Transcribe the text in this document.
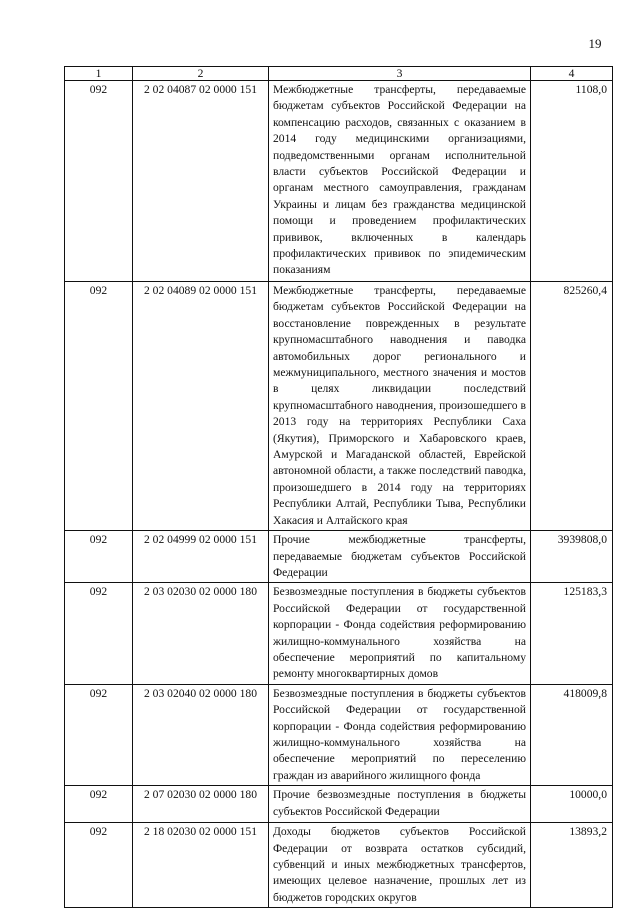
19
1	2	3	4
092	2 02 04087 02 0000 151	Межбюджетные трансферты, передаваемые бюджетам субъектов Российской Федерации на компенсацию расходов, связанных с оказанием в 2014 году медицинскими организациями, подведомственными органам исполнительной власти субъектов Российской Федерации и органам местного самоуправления, гражданам Украины и лицам без гражданства медицинской помощи и проведением профилактических прививок, включенных в календарь профилактических прививок по эпидемическим показаниям	1108,0
092	2 02 04089 02 0000 151	Межбюджетные трансферты, передаваемые бюджетам субъектов Российской Федерации на восстановление поврежденных в результате крупномасштабного наводнения и паводка автомобильных дорог регионального и межмуниципального, местного значения и мостов в целях ликвидации последствий крупномасштабного наводнения, произошедшего в 2013 году на территориях Республики Саха (Якутия), Приморского и Хабаровского краев, Амурской и Магаданской областей, Еврейской автономной области, а также последствий паводка, произошедшего в 2014 году на территориях Республики Алтай, Республики Тыва, Республики Хакасия и Алтайского края	825260,4
092	2 02 04999 02 0000 151	Прочие межбюджетные трансферты, передаваемые бюджетам субъектов Российской Федерации	3939808,0
092	2 03 02030 02 0000 180	Безвозмездные поступления в бюджеты субъектов Российской Федерации от государственной корпорации - Фонда содействия реформированию жилищно-коммунального хозяйства на обеспечение мероприятий по капитальному ремонту многоквартирных домов	125183,3
092	2 03 02040 02 0000 180	Безвозмездные поступления в бюджеты субъектов Российской Федерации от государственной корпорации - Фонда содействия реформированию жилищно-коммунального хозяйства на обеспечение мероприятий по переселению граждан из аварийного жилищного фонда	418009,8
092	2 07 02030 02 0000 180	Прочие безвозмездные поступления в бюджеты субъектов Российской Федерации	10000,0
092	2 18 02030 02 0000 151	Доходы бюджетов субъектов Российской Федерации от возврата остатков субсидий, субвенций и иных межбюджетных трансфертов, имеющих целевое назначение, прошлых лет из бюджетов городских округов	13893,2
